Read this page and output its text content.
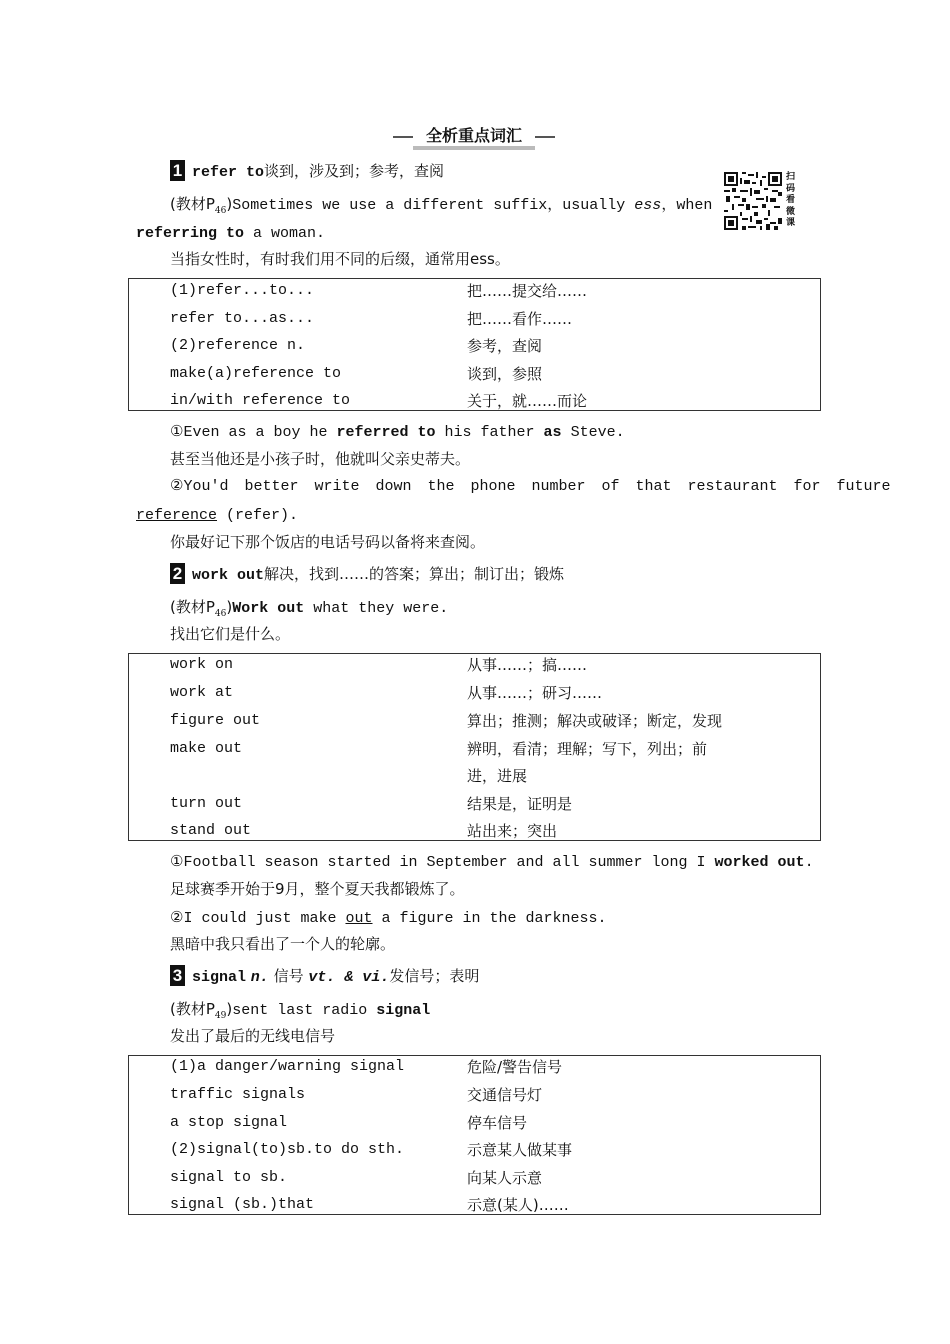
全析重点词汇
1 refer to谈到，涉及到；参考，查阅	扫码看微课
(教材$P_{46})Sometimes$ we use a different suffix，usually ess，when
referring to a woman.
当指女性时，有时我们用不同的后缀，通常用ess。
(1)refer...to...	把……提交给……
refer to...as...	把……看作……
(2)reference n.	参考，查阅
make(a)reference to	谈到，参照
in/with reference to	关于，就……而论
①Even as a boy he referred to his father as Steve.
甚至当他还是小孩子时，他就叫父亲史蒂夫。
②You'd better write down the phone number of that restaurant for future
reference (refer).
你最好记下那个饭店的电话号码以备将来查阅。
2 work out解决，找到……的答案；算出；制订出；锻炼
(教材$P_{46})Work$ out what they were.
找出它们是什么。
work on	从事……；搞……
work at	从事……；研习……
figure out	算出；推测；解决或破译；断定，发现
make out	辨明，看清；理解；写下，列出；前
进，进展
turn out	结果是，证明是
stand out	站出来；突出
①Football season started in September and all summer long I worked out.
足球赛季开始于9月，整个夏天我都锻炼了。
②I could just make out a figure in the darkness.
黑暗中我只看出了一个人的轮廓。
3 signal n. 信号 vt. & vi.发信号；表明
(教材$P_{49})sent$ last radio signal
发出了最后的无线电信号
(1)a danger/warning signal	危险/警告信号
traffic signals	交通信号灯
a stop signal	停车信号
(2)signal(to)sb.to do sth.	示意某人做某事
signal to sb.	向某人示意
signal (sb.)that	示意(某人)……
